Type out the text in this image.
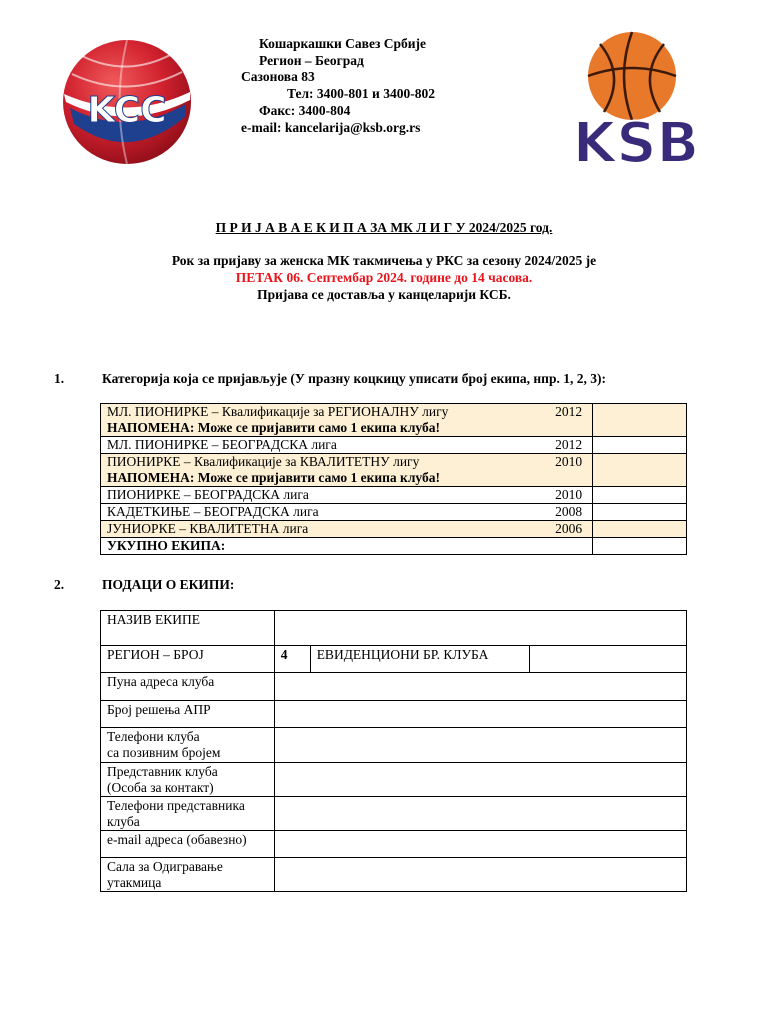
KCC
Кошаркашки Савез Србије
Регион – Београд
Сазонова 83
Тел: 3400-801 и 3400-802
Факс: 3400-804
e-mail: kancelarija@ksb.org.rs	KSB
П Р И Ј А В А Е К И П А ЗА МК Л И Г У 2024/2025 год.
Рок за пријаву за женска МК такмичења у РКС за сезону 2024/2025 је
ПЕТАК 06. Септембар 2024. године до 14 часова.
Пријава се доставља у канцеларији КСБ.
1.	Категорија која се пријављује (У празну коцкицу уписати број екипа, нпр. 1, 2, 3):
МЛ. ПИОНИРКЕ – Квалификације за РЕГИОНАЛНУ лигу 2012
НАПОМЕНА: Може се пријавити само 1 екипа клуба!	

МЛ. ПИОНИРКЕ – БЕОГРАДСКА лига 2012	

ПИОНИРКЕ – Квалификације за КВАЛИТЕТНУ лигу 2010
НАПОМЕНА: Може се пријавити само 1 екипа клуба!	

ПИОНИРКЕ – БЕОГРАДСКА лига 2010	

КАДЕТКИЊЕ – БЕОГРАДСКА лига 2008	

ЈУНИОРКЕ – КВАЛИТЕТНА лига 2006	

УКУПНО ЕКИПА:	
2.	ПОДАЦИ О ЕКИПИ:
НАЗИВ ЕКИПЕ			
РЕГИОН – БРОЈ	4	ЕВИДЕНЦИОНИ БР. КЛУБА	

Пуна адреса клуба			

Број решења АПР			

Телефони клуба
са позивним бројем			

Представник клуба
(Особа за контакт)			

Телефони представника
клуба			

e-mail адреса (обавезно)			

Сала за Одигравање
утакмица			
